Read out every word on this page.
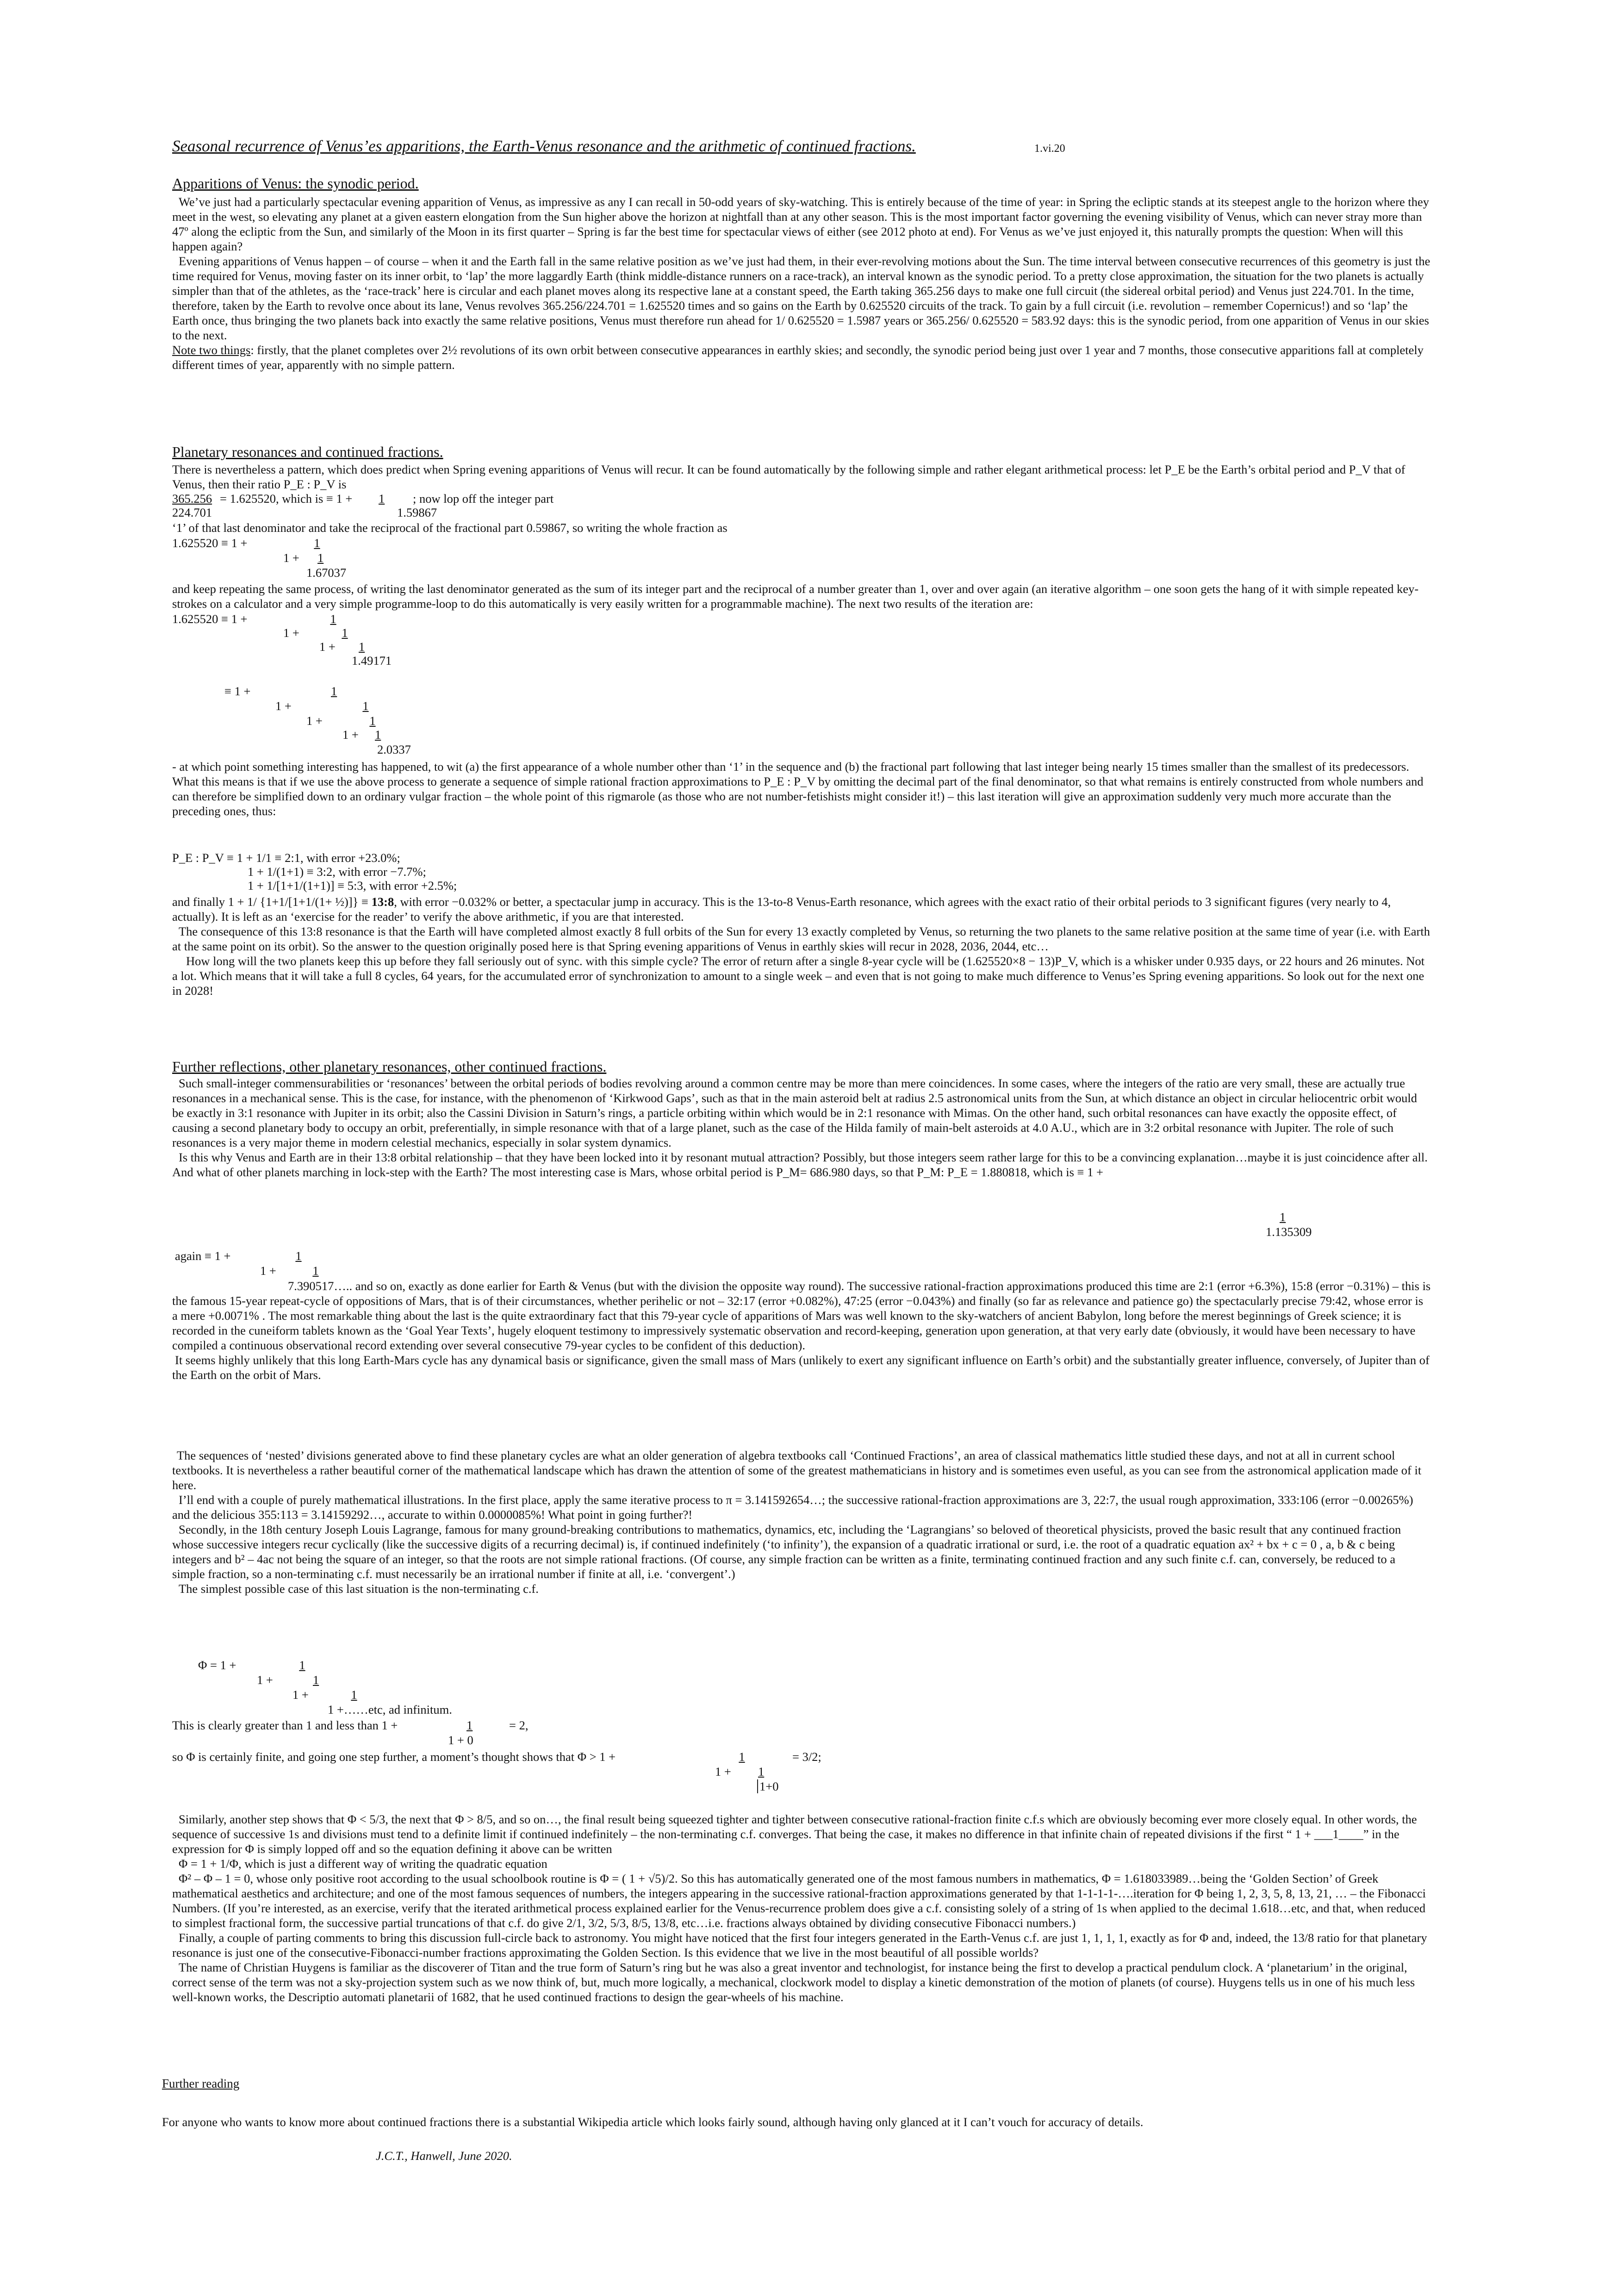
Seasonal recurrence of Venus’es apparitions, the Earth-Venus resonance and the arithmetic of continued fractions.	1.vi.20
Apparitions of Venus: the synodic period.

We’ve just had a particularly spectacular evening apparition of Venus, as impressive as any I can recall in 50-odd years of sky-watching. This is entirely because of the time of year: in Spring the ecliptic stands at its steepest angle to the horizon where they meet in the west, so elevating any planet at a given eastern elongation from the Sun higher above the horizon at nightfall than at any other season. This is the most important factor governing the evening visibility of Venus, which can never stray more than 47º along the ecliptic from the Sun, and similarly of the Moon in its first quarter – Spring is far the best time for spectacular views of either (see 2012 photo at end). For Venus as we’ve just enjoyed it, this naturally prompts the question: When will this happen again?

Evening apparitions of Venus happen – of course – when it and the Earth fall in the same relative position as we’ve just had them, in their ever-revolving motions about the Sun. The time interval between consecutive recurrences of this geometry is just the time required for Venus, moving faster on its inner orbit, to ‘lap’ the more laggardly Earth (think middle-distance runners on a race-track), an interval known as the synodic period. To a pretty close approximation, the situation for the two planets is actually simpler than that of the athletes, as the ‘race-track’ here is circular and each planet moves along its respective lane at a constant speed, the Earth taking 365.256 days to make one full circuit (the sidereal orbital period) and Venus just 224.701. In the time, therefore, taken by the Earth to revolve once about its lane, Venus revolves 365.256/224.701 = 1.625520 times and so gains on the Earth by 0.625520 circuits of the track. To gain by a full circuit (i.e. revolution – remember Copernicus!) and so ‘lap’ the Earth once, thus bringing the two planets back into exactly the same relative positions, Venus must therefore run ahead for 1/ 0.625520 = 1.5987 years or 365.256/ 0.625520 = 583.92 days: this is the synodic period, from one apparition of Venus in our skies to the next.

Note two things: firstly, that the planet completes over 2½ revolutions of its own orbit between consecutive appearances in earthly skies; and secondly, the synodic period being just over 1 year and 7 months, those consecutive apparitions fall at completely different times of year, apparently with no simple pattern.

Planetary resonances and continued fractions.
There is nevertheless a pattern, which does predict when Spring evening apparitions of Venus will recur. It can be found automatically by the following simple and rather elegant arithmetical process: let P_E be the Earth’s orbital period and P_V that of Venus, then their ratio P_E : P_V is
365.256 = 1.625520, which is ≡ 1 + 1 ; now lop off the integer part
224.701	1.59867
‘1’ of that last denominator and take the reciprocal of the fractional part 0.59867, so writing the whole fraction as
1.625520 ≡ 1 +	1
1 + 1
1.67037
and keep repeating the same process, of writing the last denominator generated as the sum of its integer part and the reciprocal of a number greater than 1, over and over again (an iterative algorithm – one soon gets the hang of it with simple repeated key-strokes on a calculator and a very simple programme-loop to do this automatically is very easily written for a programmable machine). The next two results of the iteration are:
1.625520 ≡ 1 +	1
1 +	1
1 + 1
1.49171
≡ 1 +	1
1 +	1
1 +	1
1 + 1
2.0337
- at which point something interesting has happened, to wit (a) the first appearance of a whole number other than ‘1’ in the sequence and (b) the fractional part following that last integer being nearly 15 times smaller than the smallest of its predecessors. What this means is that if we use the above process to generate a sequence of simple rational fraction approximations to P_E : P_V by omitting the decimal part of the final denominator, so that what remains is entirely constructed from whole numbers and can therefore be simplified down to an ordinary vulgar fraction – the whole point of this rigmarole (as those who are not number-fetishists might consider it!) – this last iteration will give an approximation suddenly very much more accurate than the preceding ones, thus:
P_E : P_V ≡ 1 + 1/1 ≡ 2:1, with error +23.0%;
1 + 1/(1+1) ≡ 3:2, with error −7.7%;
1 + 1/[1+1/(1+1)] ≡ 5:3, with error +2.5%;

and finally 1 + 1/ {1+1/[1+1/(1+ ½)]} ≡ 13:8, with error −0.032% or better, a spectacular jump in accuracy. This is the 13-to-8 Venus-Earth resonance, which agrees with the exact ratio of their orbital periods to 3 significant figures (very nearly to 4, actually). It is left as an ‘exercise for the reader’ to verify the above arithmetic, if you are that interested.

The consequence of this 13:8 resonance is that the Earth will have completed almost exactly 8 full orbits of the Sun for every 13 exactly completed by Venus, so returning the two planets to the same relative position at the same time of year (i.e. with Earth at the same point on its orbit). So the answer to the question originally posed here is that Spring evening apparitions of Venus in earthly skies will recur in 2028, 2036, 2044, etc…

How long will the two planets keep this up before they fall seriously out of sync. with this simple cycle? The error of return after a single 8-year cycle will be (1.625520×8 − 13)P_V, which is a whisker under 0.935 days, or 22 hours and 26 minutes. Not a lot. Which means that it will take a full 8 cycles, 64 years, for the accumulated error of synchronization to amount to a single week – and even that is not going to make much difference to Venus’es Spring evening apparitions. So look out for the next one in 2028!

Further reflections, other planetary resonances, other continued fractions.

Such small-integer commensurabilities or ‘resonances’ between the orbital periods of bodies revolving around a common centre may be more than mere coincidences. In some cases, where the integers of the ratio are very small, these are actually true resonances in a mechanical sense. This is the case, for instance, with the phenomenon of ‘Kirkwood Gaps’, such as that in the main asteroid belt at radius 2.5 astronomical units from the Sun, at which distance an object in circular heliocentric orbit would be exactly in 3:1 resonance with Jupiter in its orbit; also the Cassini Division in Saturn’s rings, a particle orbiting within which would be in 2:1 resonance with Mimas. On the other hand, such orbital resonances can have exactly the opposite effect, of causing a second planetary body to occupy an orbit, preferentially, in simple resonance with that of a large planet, such as the case of the Hilda family of main-belt asteroids at 4.0 A.U., which are in 3:2 orbital resonance with Jupiter. The role of such resonances is a very major theme in modern celestial mechanics, especially in solar system dynamics.

Is this why Venus and Earth are in their 13:8 orbital relationship – that they have been locked into it by resonant mutual attraction? Possibly, but those integers seem rather large for this to be a convincing explanation…maybe it is just coincidence after all.

And what of other planets marching in lock-step with the Earth? The most interesting case is Mars, whose orbital period is P_M= 686.980 days, so that P_M: P_E = 1.880818, which is ≡ 1 +

1
1.135309
again ≡ 1 +	1
1 +	1

7.390517….. and so on, exactly as done earlier for Earth & Venus (but with the division the opposite way round). The successive rational-fraction approximations produced this time are 2:1 (error +6.3%), 15:8 (error −0.31%) – this is the famous 15-year repeat-cycle of oppositions of Mars, that is of their circumstances, whether perihelic or not – 32:17 (error +0.082%), 47:25 (error −0.043%) and finally (so far as relevance and patience go) the spectacularly precise 79:42, whose error is a mere +0.0071% . The most remarkable thing about the last is the quite extraordinary fact that this 79-year cycle of apparitions of Mars was well known to the sky-watchers of ancient Babylon, long before the merest beginnings of Greek science; it is recorded in the cuneiform tablets known as the ‘Goal Year Texts’, hugely eloquent testimony to impressively systematic observation and record-keeping, generation upon generation, at that very early date (obviously, it would have been necessary to have compiled a continuous observational record extending over several consecutive 79-year cycles to be confident of this deduction).

It seems highly unlikely that this long Earth-Mars cycle has any dynamical basis or significance, given the small mass of Mars (unlikely to exert any significant influence on Earth’s orbit) and the substantially greater influence, conversely, of Jupiter than of the Earth on the orbit of Mars.

The sequences of ‘nested’ divisions generated above to find these planetary cycles are what an older generation of algebra textbooks call ‘Continued Fractions’, an area of classical mathematics little studied these days, and not at all in current school textbooks. It is nevertheless a rather beautiful corner of the mathematical landscape which has drawn the attention of some of the greatest mathematicians in history and is sometimes even useful, as you can see from the astronomical application made of it here.

I’ll end with a couple of purely mathematical illustrations. In the first place, apply the same iterative process to π = 3.141592654…; the successive rational-fraction approximations are 3, 22:7, the usual rough approximation, 333:106 (error −0.00265%) and the delicious 355:113 = 3.14159292…, accurate to within 0.0000085%! What point in going further?!

Secondly, in the 18th century Joseph Louis Lagrange, famous for many ground-breaking contributions to mathematics, dynamics, etc, including the ‘Lagrangians’ so beloved of theoretical physicists, proved the basic result that any continued fraction whose successive integers recur cyclically (like the successive digits of a recurring decimal) is, if continued indefinitely (‘to infinity’), the expansion of a quadratic irrational or surd, i.e. the root of a quadratic equation ax² + bx + c = 0 , a, b & c being integers and b² – 4ac not being the square of an integer, so that the roots are not simple rational fractions. (Of course, any simple fraction can be written as a finite, terminating continued fraction and any such finite c.f. can, conversely, be reduced to a simple fraction, so a non-terminating c.f. must necessarily be an irrational number if finite at all, i.e. ‘convergent’.)

The simplest possible case of this last situation is the non-terminating c.f.

Φ = 1 +	1
1 +	1
1 +	1
1 +……etc, ad infinitum.
This is clearly greater than 1 and less than 1 +	1	= 2,
1 + 0
so Φ is certainly finite, and going one step further, a moment’s thought shows that Φ > 1 +	1	= 3/2;
1 + 1
1+0

Similarly, another step shows that Φ < 5/3, the next that Φ > 8/5, and so on…, the final result being squeezed tighter and tighter between consecutive rational-fraction finite c.f.s which are obviously becoming ever more closely equal. In other words, the sequence of successive 1s and divisions must tend to a definite limit if continued indefinitely – the non-terminating c.f. converges. That being the case, it makes no difference in that infinite chain of repeated divisions if the first “ 1 + ___1____” in the expression for Φ is simply lopped off and so the equation defining it above can be written

Φ = 1 + 1/Φ, which is just a different way of writing the quadratic equation

Φ² – Φ – 1 = 0, whose only positive root according to the usual schoolbook routine is Φ = ( 1 + √5)/2. So this has automatically generated one of the most famous numbers in mathematics, Φ = 1.618033989…being the ‘Golden Section’ of Greek mathematical aesthetics and architecture; and one of the most famous sequences of numbers, the integers appearing in the successive rational-fraction approximations generated by that 1-1-1-1-….iteration for Φ being 1, 2, 3, 5, 8, 13, 21, … – the Fibonacci Numbers. (If you’re interested, as an exercise, verify that the iterated arithmetical process explained earlier for the Venus-recurrence problem does give a c.f. consisting solely of a string of 1s when applied to the decimal 1.618…etc, and that, when reduced to simplest fractional form, the successive partial truncations of that c.f. do give 2/1, 3/2, 5/3, 8/5, 13/8, etc…i.e. fractions always obtained by dividing consecutive Fibonacci numbers.)

Finally, a couple of parting comments to bring this discussion full-circle back to astronomy. You might have noticed that the first four integers generated in the Earth-Venus c.f. are just 1, 1, 1, 1, exactly as for Φ and, indeed, the 13/8 ratio for that planetary resonance is just one of the consecutive-Fibonacci-number fractions approximating the Golden Section. Is this evidence that we live in the most beautiful of all possible worlds?

The name of Christian Huygens is familiar as the discoverer of Titan and the true form of Saturn’s ring but he was also a great inventor and technologist, for instance being the first to develop a practical pendulum clock. A ‘planetarium’ in the original, correct sense of the term was not a sky-projection system such as we now think of, but, much more logically, a mechanical, clockwork model to display a kinetic demonstration of the motion of planets (of course). Huygens tells us in one of his much less well-known works, the Descriptio automati planetarii of 1682, that he used continued fractions to design the gear-wheels of his machine.

Further reading
For anyone who wants to know more about continued fractions there is a substantial Wikipedia article which looks fairly sound, although having only glanced at it I can’t vouch for accuracy of details.
J.C.T., Hanwell, June 2020.
